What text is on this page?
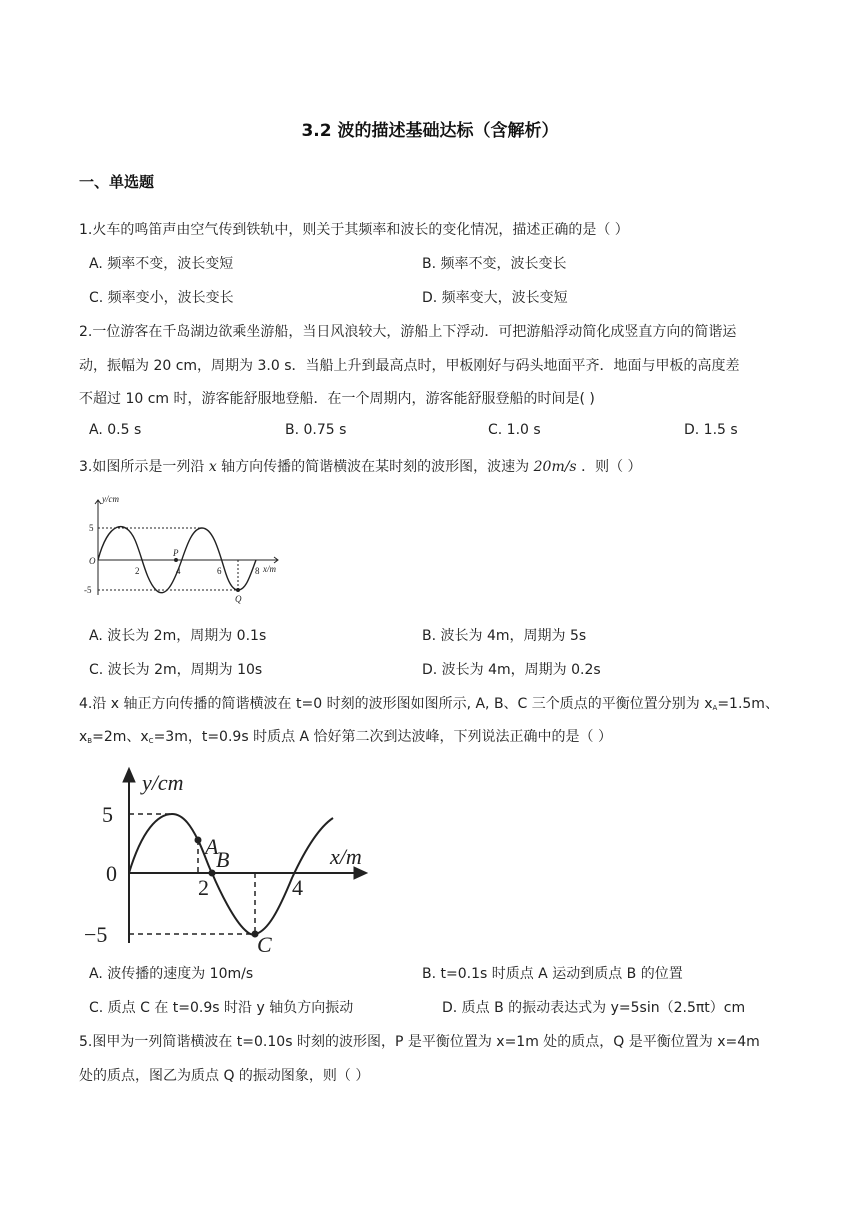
3.2 波的描述基础达标（含解析）
一、单选题
1.火车的鸣笛声由空气传到铁轨中，则关于其频率和波长的变化情况，描述正确的是（ ）
A. 频率不变，波长变短	B. 频率不变，波长变长
C. 频率变小，波长变长	D. 频率变大，波长变短
2.一位游客在千岛湖边欲乘坐游船，当日风浪较大，游船上下浮动．可把游船浮动简化成竖直方向的简谐运
动，振幅为 20 cm，周期为 3.0 s．当船上升到最高点时，甲板刚好与码头地面平齐．地面与甲板的高度差
不超过 10 cm 时，游客能舒服地登船．在一个周期内，游客能舒服登船的时间是( )
A. 0.5 s	B. 0.75 s	C. 1.0 s	D. 1.5 s
3.如图所示是一列沿 x 轴方向传播的简谐横波在某时刻的波形图，波速为 20m/s ．则（ ）
y/cm
x/m
O
P
Q
5
-5
2	4	6	8
A. 波长为 2m，周期为 0.1s	B. 波长为 4m，周期为 5s
C. 波长为 2m，周期为 10s	D. 波长为 4m，周期为 0.2s
4.沿 x 轴正方向传播的简谐横波在 t=0 时刻的波形图如图所示, A, B、C 三个质点的平衡位置分别为 $x_A=1.5m$、
$x_B=2m$、$x_C=3m$，t=0.9s 时质点 A 恰好第二次到达波峰，下列说法正确中的是（ ）
y/cm
x/m
A
B
C
5
0
−5
2	4
A. 波传播的速度为 10m/s	B. t=0.1s 时质点 A 运动到质点 B 的位置
C. 质点 C 在 t=0.9s 时沿 y 轴负方向振动	D. 质点 B 的振动表达式为 y=5sin（2.5πt）cm
5.图甲为一列简谐横波在 t=0.10s 时刻的波形图，P 是平衡位置为 x=1m 处的质点，Q 是平衡位置为 x=4m
处的质点，图乙为质点 Q 的振动图象，则（ ）
